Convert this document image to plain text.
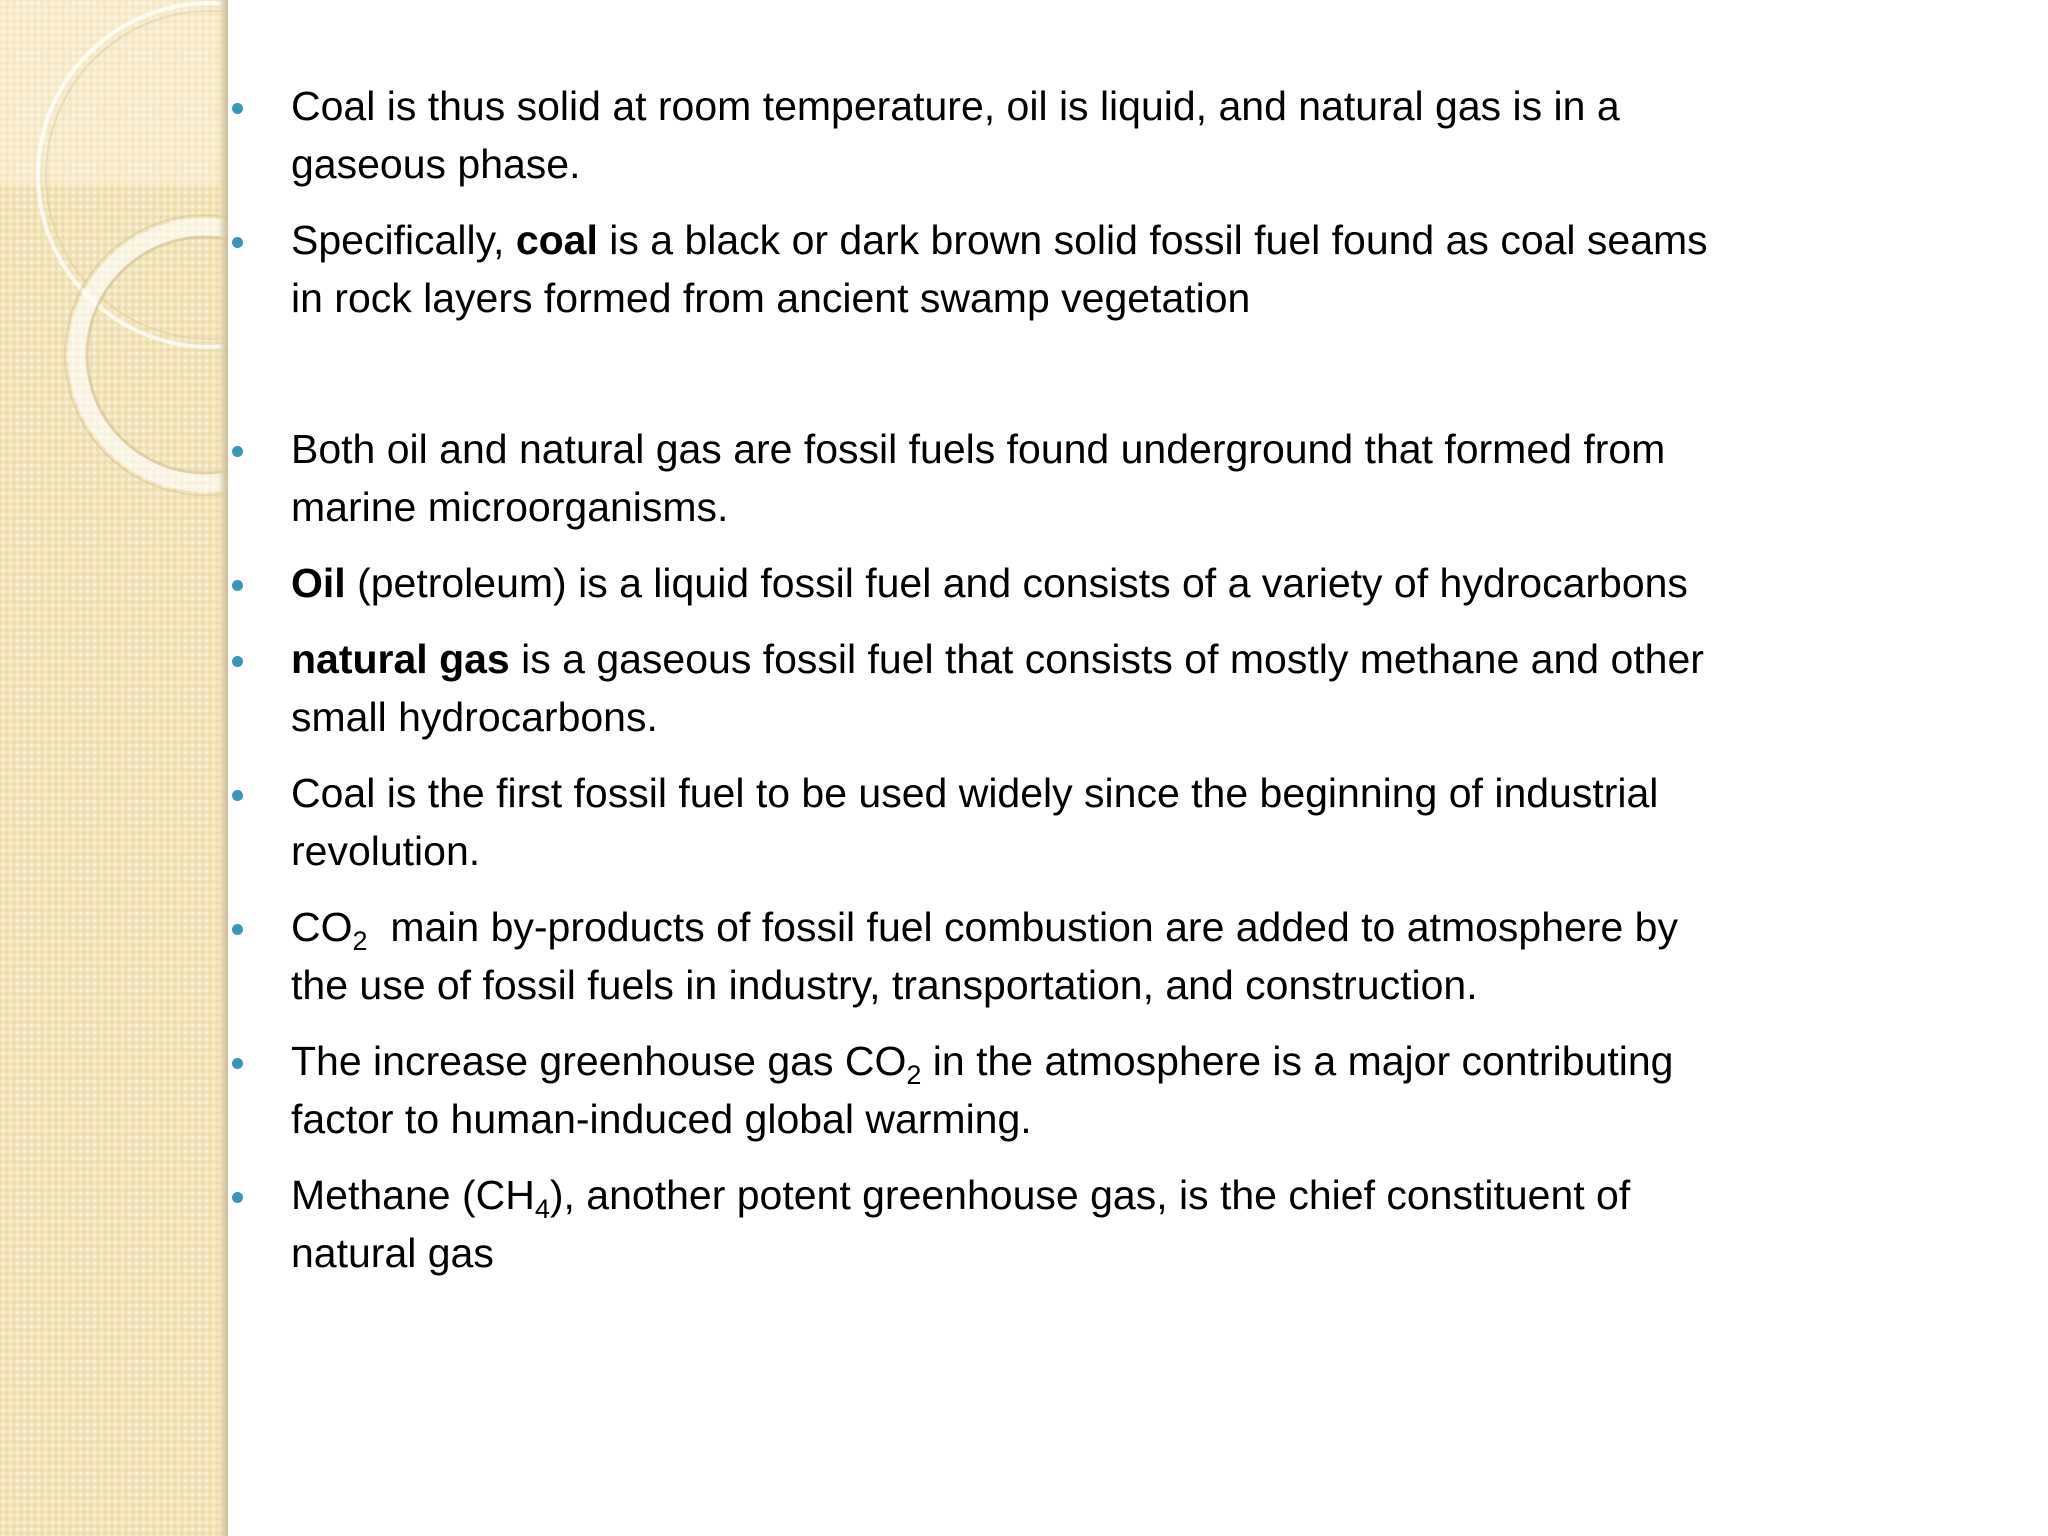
Coal is thus solid at room temperature, oil is liquid, and natural gas is in a
gaseous phase.

Specifically, coal is a black or dark brown solid fossil fuel found as coal seams
in rock layers formed from ancient swamp vegetation

Both oil and natural gas are fossil fuels found underground that formed from
marine microorganisms.

Oil (petroleum) is a liquid fossil fuel and consists of a variety of hydrocarbons

natural gas is a gaseous fossil fuel that consists of mostly methane and other
small hydrocarbons.

Coal is the first fossil fuel to be used widely since the beginning of industrial
revolution.

$CO_2$  main by-products of fossil fuel combustion are added to atmosphere by
the use of fossil fuels in industry, transportation, and construction.

The increase greenhouse gas $CO_2$ in the atmosphere is a major contributing
factor to human-induced global warming.

Methane $(CH_4)$, another potent greenhouse gas, is the chief constituent of
natural gas
